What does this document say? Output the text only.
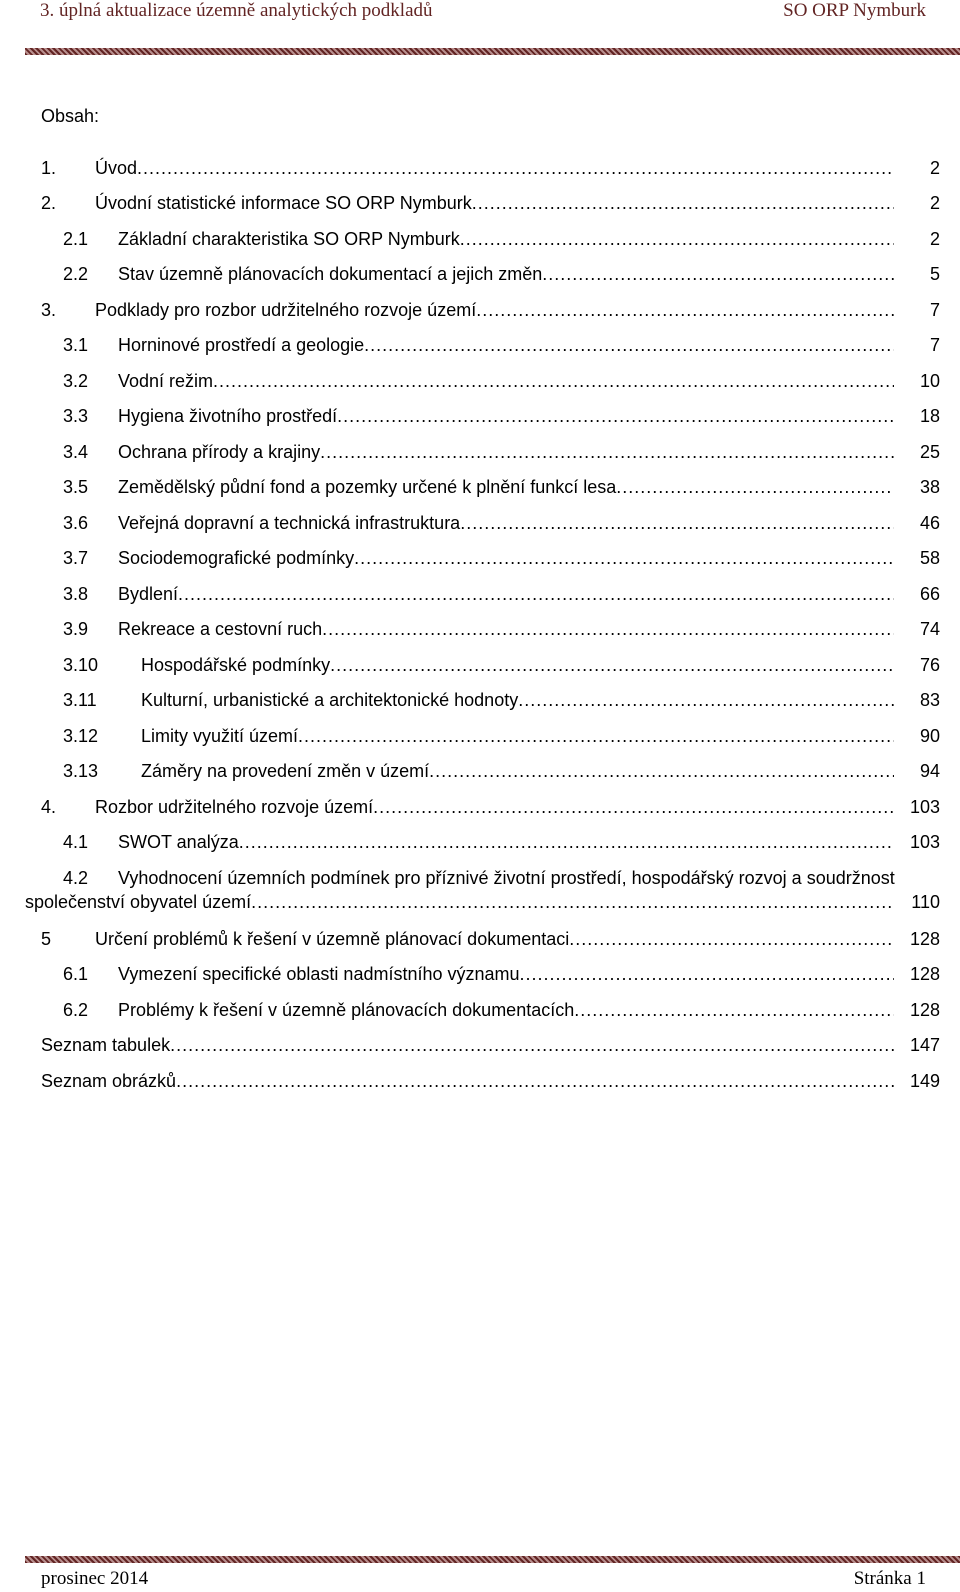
3. úplná aktualizace územně analytických podkladů	SO ORP Nymburk
Obsah:
1. Úvod .....	2
2. Úvodní statistické informace SO ORP Nymburk .....	2
2.1 Základní charakteristika SO ORP Nymburk .....	2
2.2 Stav územně plánovacích dokumentací a jejich změn .....	5
3. Podklady pro rozbor udržitelného rozvoje území .....	7
3.1 Horninové prostředí a geologie .....	7
3.2 Vodní režim .....	10
3.3 Hygiena životního prostředí .....	18
3.4 Ochrana přírody a krajiny .....	25
3.5 Zemědělský půdní fond a pozemky určené k plnění funkcí lesa .....	38
3.6 Veřejná dopravní a technická infrastruktura .....	46
3.7 Sociodemografické podmínky .....	58
3.8 Bydlení .....	66
3.9 Rekreace a cestovní ruch .....	74
3.10 Hospodářské podmínky .....	76
3.11 Kulturní, urbanistické a architektonické hodnoty .....	83
3.12 Limity využití území .....	90
3.13 Záměry na provedení změn v území .....	94
4. Rozbor udržitelného rozvoje území .....	103
4.1 SWOT analýza .....	103
4.2 Vyhodnocení územních podmínek pro příznivé životní prostředí, hospodářský rozvoj a soudržnost
společenství obyvatel území .....	110
5 Určení problémů k řešení v územně plánovací dokumentaci .....	128
6.1 Vymezení specifické oblasti nadmístního významu .....	128
6.2 Problémy k řešení v územně plánovacích dokumentacích .....	128
Seznam tabulek .....	147
Seznam obrázků .....	149
prosinec 2014	Stránka 1
